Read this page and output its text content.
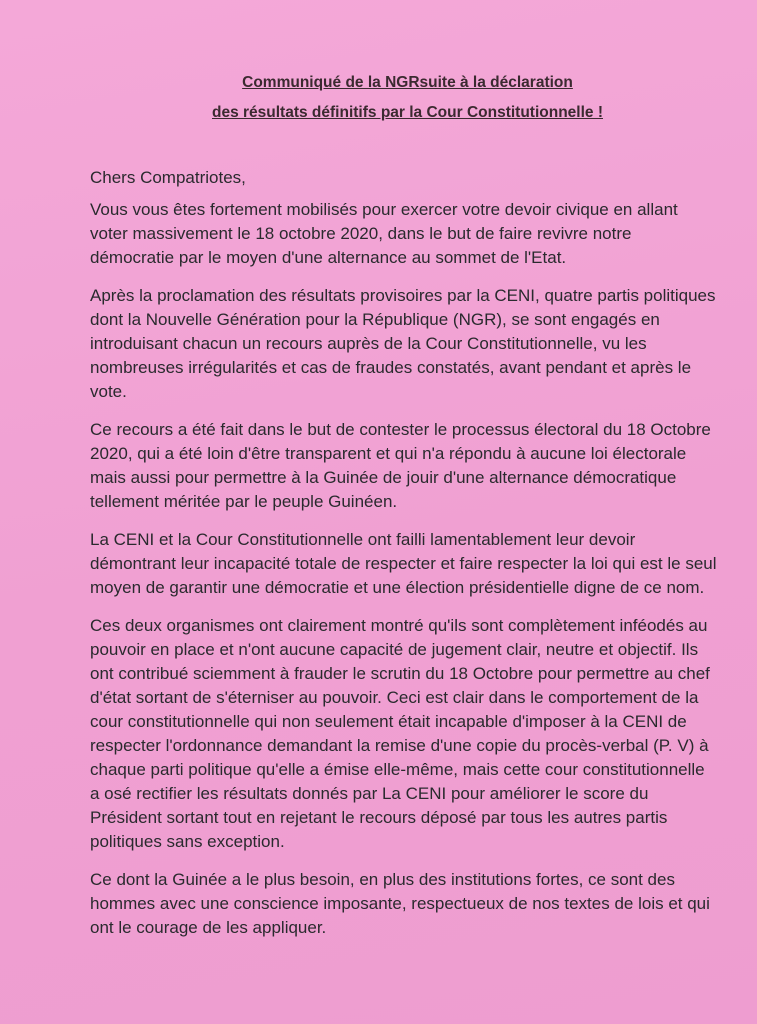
Communiqué de la NGRsuite à la déclaration
des résultats définitifs par la Cour Constitutionnelle !

Chers Compatriotes,

Vous vous êtes fortement mobilisés pour exercer votre devoir civique en allant voter massivement le 18 octobre 2020, dans le but de faire revivre notre démocratie par le moyen d'une alternance au sommet de l'Etat.

Après la proclamation des résultats provisoires par la CENI, quatre partis politiques dont la Nouvelle Génération pour la République (NGR), se sont engagés en introduisant chacun un recours auprès de la Cour Constitutionnelle, vu les nombreuses irrégularités et cas de fraudes constatés, avant pendant et après le vote.

Ce recours a été fait dans le but de contester le processus électoral du 18 Octobre 2020, qui a été loin d'être transparent et qui n'a répondu à aucune loi électorale mais aussi pour permettre à la Guinée de jouir d'une alternance démocratique tellement méritée par le peuple Guinéen.

La CENI et la Cour Constitutionnelle ont failli lamentablement leur devoir démontrant leur incapacité totale de respecter et faire respecter la loi qui est le seul moyen de garantir une démocratie et une élection présidentielle digne de ce nom.

Ces deux organismes ont clairement montré qu'ils sont complètement inféodés au pouvoir en place et n'ont aucune capacité de jugement clair, neutre et objectif. Ils ont contribué sciemment à frauder le scrutin du 18 Octobre pour permettre au chef d'état sortant de s'éterniser au pouvoir. Ceci est clair dans le comportement de la cour constitutionnelle qui non seulement était incapable d'imposer à la CENI de respecter l'ordonnance demandant la remise d'une copie du procès-verbal (P. V) à chaque parti politique qu'elle a émise elle-même, mais cette cour constitutionnelle a osé rectifier les résultats donnés par La CENI pour améliorer le score du Président sortant tout en rejetant le recours déposé par tous les autres partis politiques sans exception.

Ce dont la Guinée a le plus besoin, en plus des institutions fortes, ce sont des hommes avec une conscience imposante, respectueux de nos textes de lois et qui ont le courage de les appliquer.
